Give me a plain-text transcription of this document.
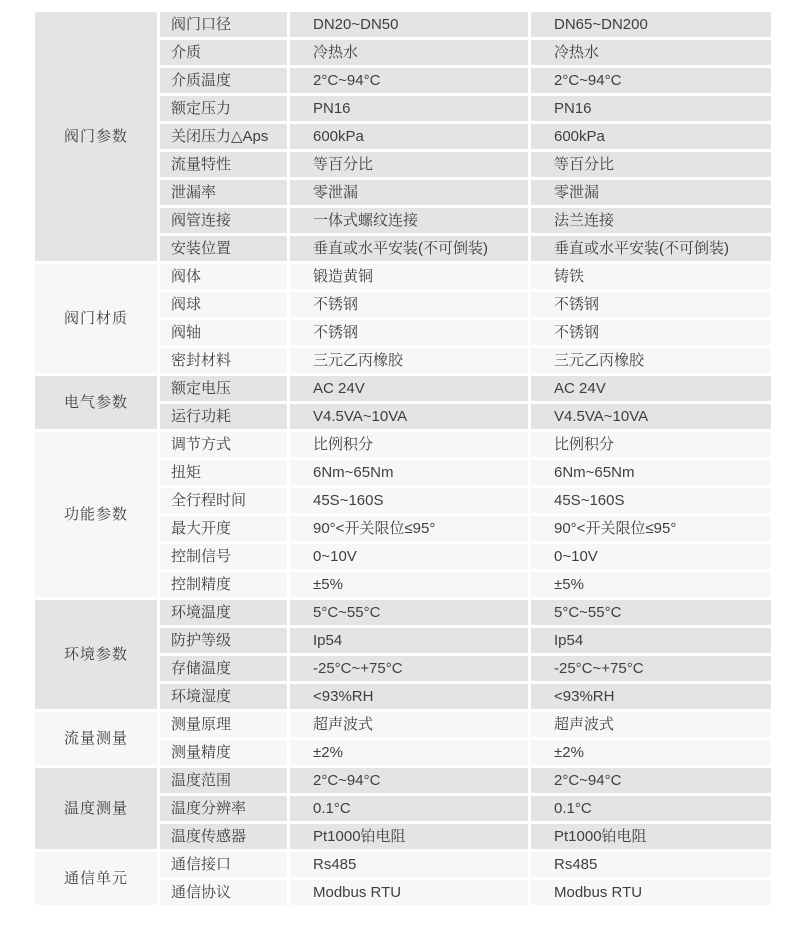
阀门参数	阀门口径	DN20~DN50	DN65~DN200
	介质	冷热水	冷热水
	介质温度	2°C~94°C	2°C~94°C
	额定压力	PN16	PN16
	关闭压力△Aps	600kPa	600kPa
	流量特性	等百分比	等百分比
	泄漏率	零泄漏	零泄漏
	阀管连接	一体式螺纹连接	法兰连接
	安装位置	垂直或水平安装(不可倒装)	垂直或水平安装(不可倒装)
阀门材质	阀体	锻造黄铜	铸铁
	阀球	不锈钢	不锈钢
	阀轴	不锈钢	不锈钢
	密封材料	三元乙丙橡胶	三元乙丙橡胶
电气参数	额定电压	AC 24V	AC 24V
	运行功耗	V4.5VA~10VA	V4.5VA~10VA
功能参数	调节方式	比例积分	比例积分
	扭矩	6Nm~65Nm	6Nm~65Nm
	全行程时间	45S~160S	45S~160S
	最大开度	90°<开关限位≤95°	90°<开关限位≤95°
	控制信号	0~10V	0~10V
	控制精度	±5%	±5%
环境参数	环境温度	5°C~55°C	5°C~55°C
	防护等级	Ip54	Ip54
	存储温度	-25°C~+75°C	-25°C~+75°C
	环境湿度	<93%RH	<93%RH
流量测量	测量原理	超声波式	超声波式
	测量精度	±2%	±2%
温度测量	温度范围	2°C~94°C	2°C~94°C
	温度分辨率	0.1°C	0.1°C
	温度传感器	Pt1000铂电阻	Pt1000铂电阻
通信单元	通信接口	Rs485	Rs485
	通信协议	Modbus RTU	Modbus RTU
